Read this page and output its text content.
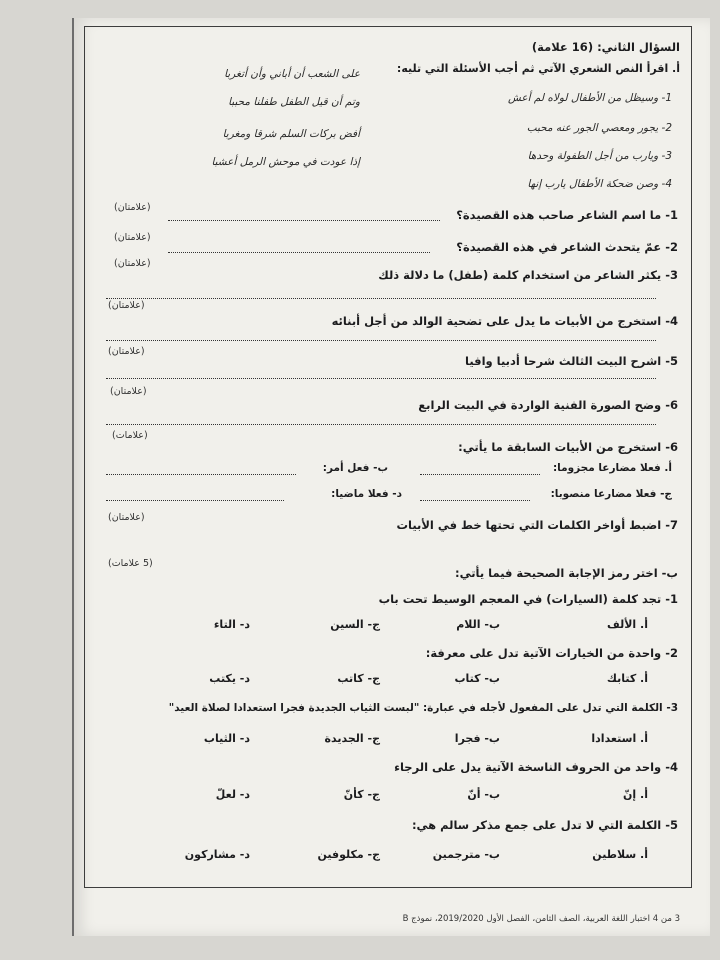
السؤال الثاني: (16 علامة)
أ. اقرأ النص الشعري الآتي ثم أجب الأسئلة التي تليه:
1- وسيظل من الأطفال لولاه لم أعش
على الشعب أن أباني وأن أتغربا
2- يجور ومعصي الجور عنه محبب
وتم أن قيل الطفل طفلنا محببا
3- ويارب من أجل الطفولة وحدها
أفض بركات السلم شرقا ومغربا
4- وصن ضحكة الأطفال يارب إنها
إذا عودت في موحش الرمل أعشبا
1- ما اسم الشاعر صاحب هذه القصيدة؟
(علامتان)
2- عمّ يتحدث الشاعر في هذه القصيدة؟
(علامتان)
(علامتان)
3- يكثر الشاعر من استخدام كلمة (طفل) ما دلالة ذلك
(علامتان)
4- استخرج من الأبيات ما يدل على تضحية الوالد من أجل أبنائه
(علامتان)
5- اشرح البيت الثالث شرحا أدبيا وافيا
(علامتان)
6- وضح الصورة الفنية الواردة في البيت الرابع
(علامات)
6- استخرج من الأبيات السابقة ما يأتي:
أ. فعلا مضارعا مجزوما:
ب- فعل أمر:
ج- فعلا مضارعا منصوبا:
د- فعلا ماضيا:
(علامتان)
7- اضبط أواخر الكلمات التي تحتها خط في الأبيات
(5 علامات)
ب- اختر رمز الإجابة الصحيحة فيما يأتي:
1- تجد كلمة (السيارات) في المعجم الوسيط تحت باب
أ. الألف
ب- اللام
ج- السين
د- التاء
2- واحدة من الخيارات الآتية تدل على معرفة:
أ. كتابك
ب- كتاب
ج- كاتب
د- يكتب
3- الكلمة التي تدل على المفعول لأجله في عبارة: "لبست الثياب الجديدة فجرا استعدادا لصلاة العيد"
أ. استعدادا
ب- فجرا
ج- الجديدة
د- الثياب
4- واحد من الحروف الناسخة الآتية يدل على الرجاء
أ. إنّ
ب- أنّ
ج- كأنّ
د- لعلّ
5- الكلمة التي لا تدل على جمع مذكر سالم هي:
أ. سلاطين
ب- مترجمين
ج- مكلوفين
د- مشاركون
3 من 4 اختبار اللغة العربية، الصف الثامن، الفصل الأول 2019/2020، نموذج B
